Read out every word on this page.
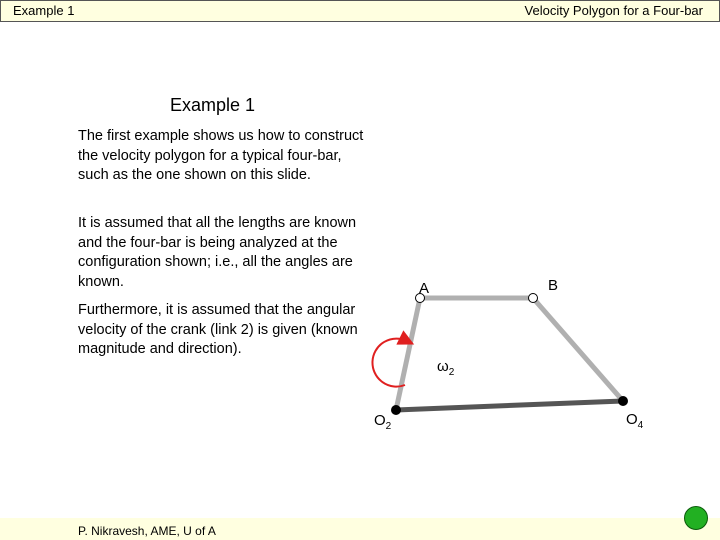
Example 1	Velocity Polygon for a Four-bar
Example 1
The first example shows us how to construct the velocity polygon for a typical four-bar, such as the one shown on this slide.
It is assumed that all the lengths are known and the four-bar is being analyzed at the configuration shown; i.e., all the angles are known.
Furthermore, it is assumed that the angular velocity of the crank (link 2) is given (known magnitude and direction).
A	B
$\omega_2$
$O_2$	$O_4$
P. Nikravesh, AME, U of A
